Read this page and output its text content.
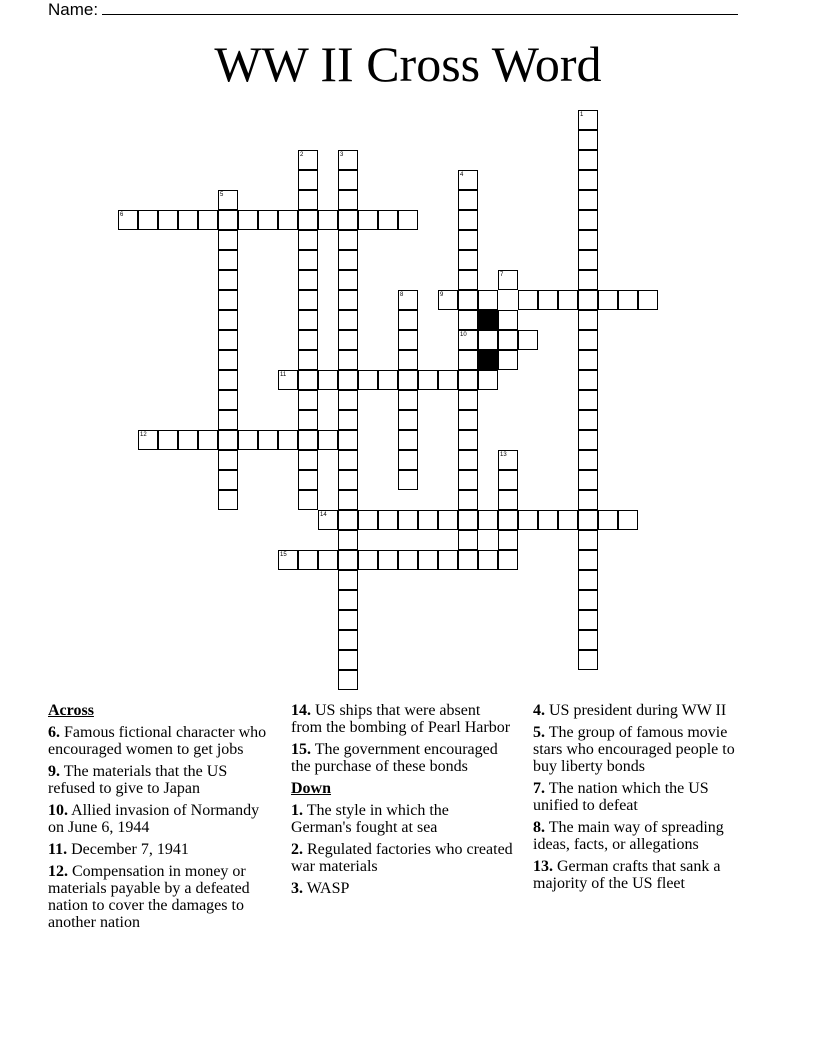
Name:
WW II Cross Word
1
2	3
4
5
6
7
8	9
10
11
12
13
14
15
Across
6. Famous fictional character who encouraged women to get jobs
9. The materials that the US refused to give to Japan
10. Allied invasion of Normandy on June 6, 1944
11. December 7, 1941
12. Compensation in money or materials payable by a defeated nation to cover the damages to another nation
14. US ships that were absent from the bombing of Pearl Harbor
15. The government encouraged the purchase of these bonds
Down
1. The style in which the German's fought at sea
2. Regulated factories who created war materials
3. WASP
4. US president during WW II
5. The group of famous movie stars who encouraged people to buy liberty bonds
7. The nation which the US unified to defeat
8. The main way of spreading ideas, facts, or allegations
13. German crafts that sank a majority of the US fleet
